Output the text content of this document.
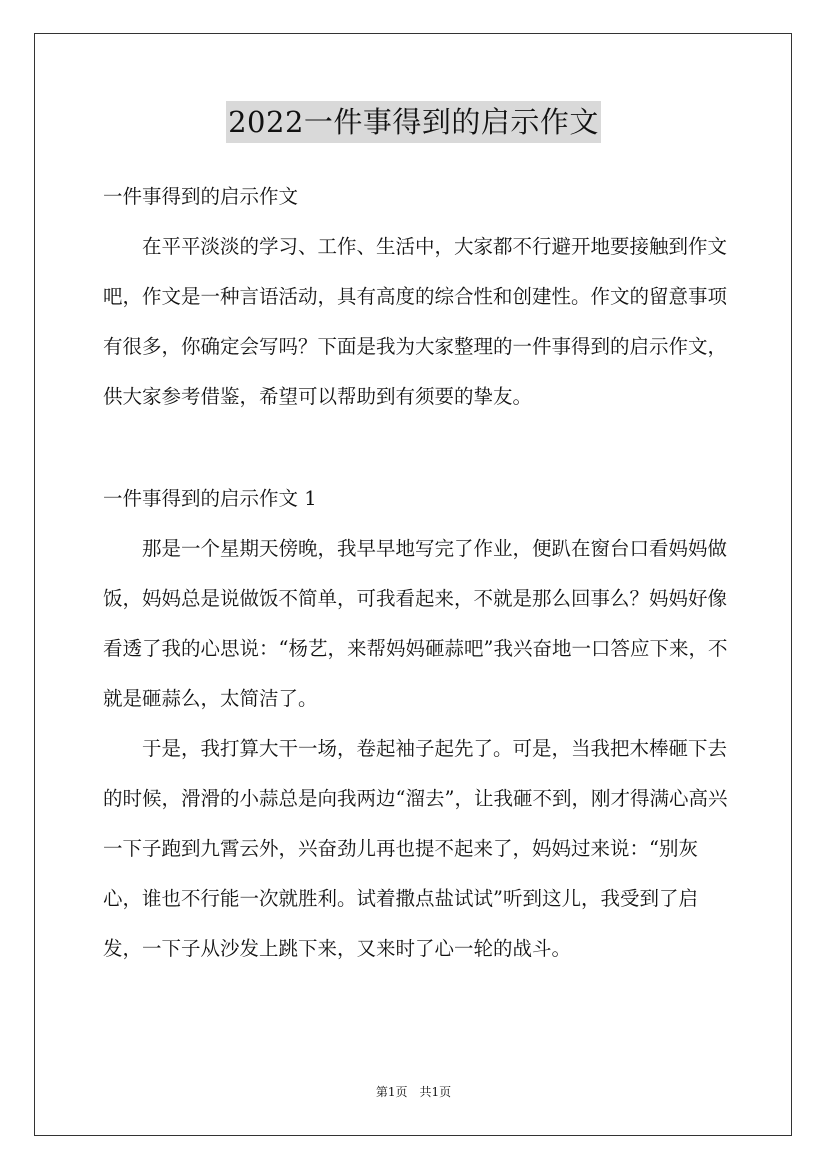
2022一件事得到的启示作文

一件事得到的启示作文

在平平淡淡的学习、工作、生活中，大家都不行避开地要接触到作文吧，作文是一种言语活动，具有高度的综合性和创建性。作文的留意事项有很多，你确定会写吗？下面是我为大家整理的一件事得到的启示作文，供大家参考借鉴，希望可以帮助到有须要的挚友。

一件事得到的启示作文 1

那是一个星期天傍晚，我早早地写完了作业，便趴在窗台口看妈妈做饭，妈妈总是说做饭不简单，可我看起来，不就是那么回事么？妈妈好像看透了我的心思说：“杨艺，来帮妈妈砸蒜吧”我兴奋地一口答应下来，不就是砸蒜么，太简洁了。

于是，我打算大干一场，卷起袖子起先了。可是，当我把木棒砸下去的时候，滑滑的小蒜总是向我两边“溜去”，让我砸不到，刚才得满心高兴一下子跑到九霄云外，兴奋劲儿再也提不起来了，妈妈过来说：“别灰心，谁也不行能一次就胜利。试着撒点盐试试”听到这儿，我受到了启发，一下子从沙发上跳下来，又来时了心一轮的战斗。

第1页　共1页
